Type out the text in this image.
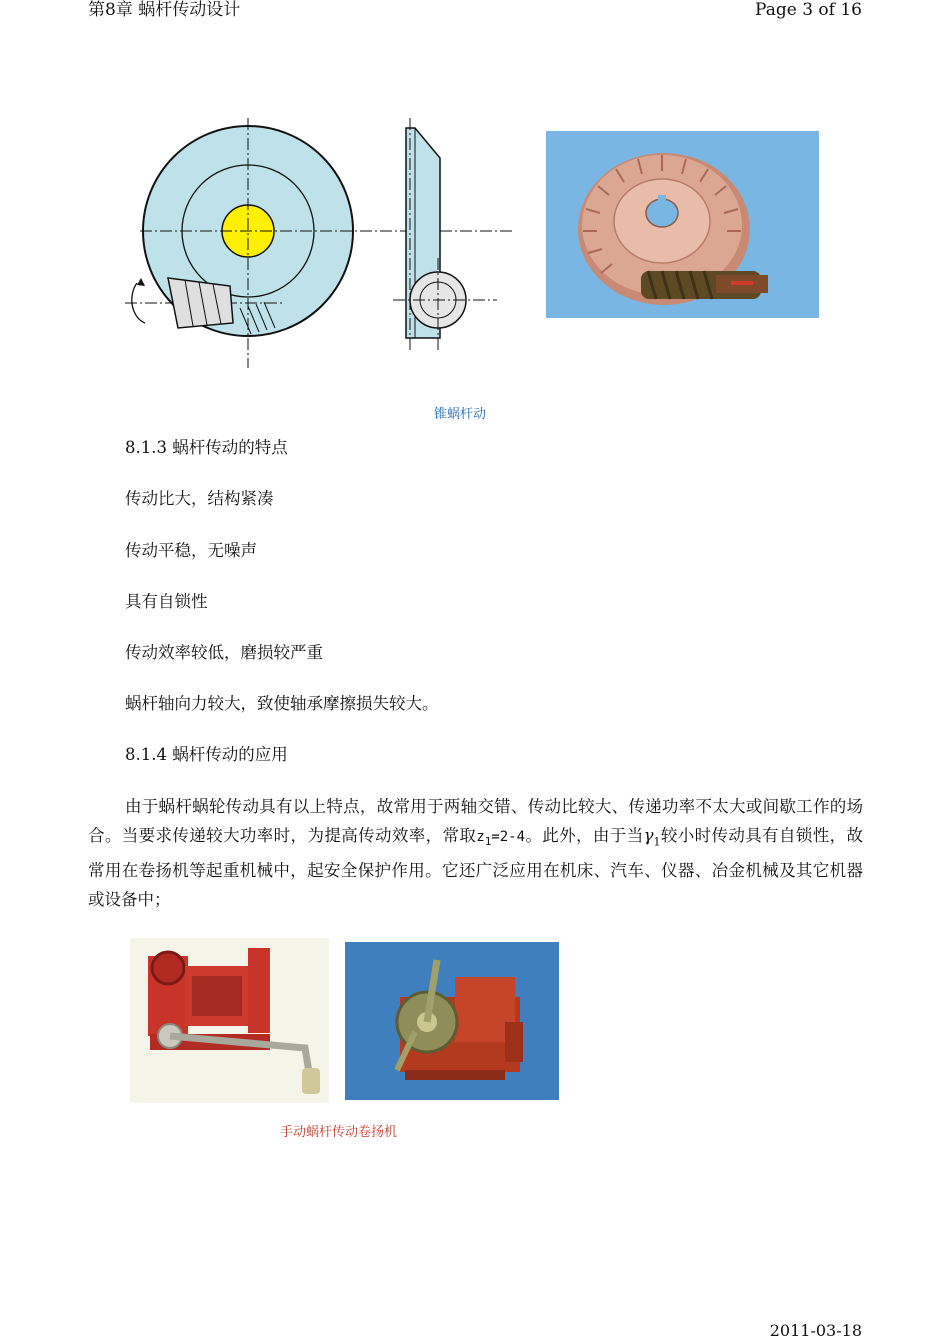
第8章 蜗杆传动设计	Page 3 of 16
锥蜗杆动
8.1.3 蜗杆传动的特点
传动比大，结构紧凑
传动平稳，无噪声
具有自锁性
传动效率较低，磨损较严重
蜗杆轴向力较大，致使轴承摩擦损失较大。
8.1.4 蜗杆传动的应用
由于蜗杆蜗轮传动具有以上特点，故常用于两轴交错、传动比较大、传递功率不太大或间歇工作的场合。当要求传递较大功率时，为提高传动效率，常取$z_1=2-4$。此外，由于当$\gamma_1$较小时传动具有自锁性，故常用在卷扬机等起重机械中，起安全保护作用。它还广泛应用在机床、汽车、仪器、冶金机械及其它机器或设备中；
手动蜗杆传动卷扬机
2011-03-18
